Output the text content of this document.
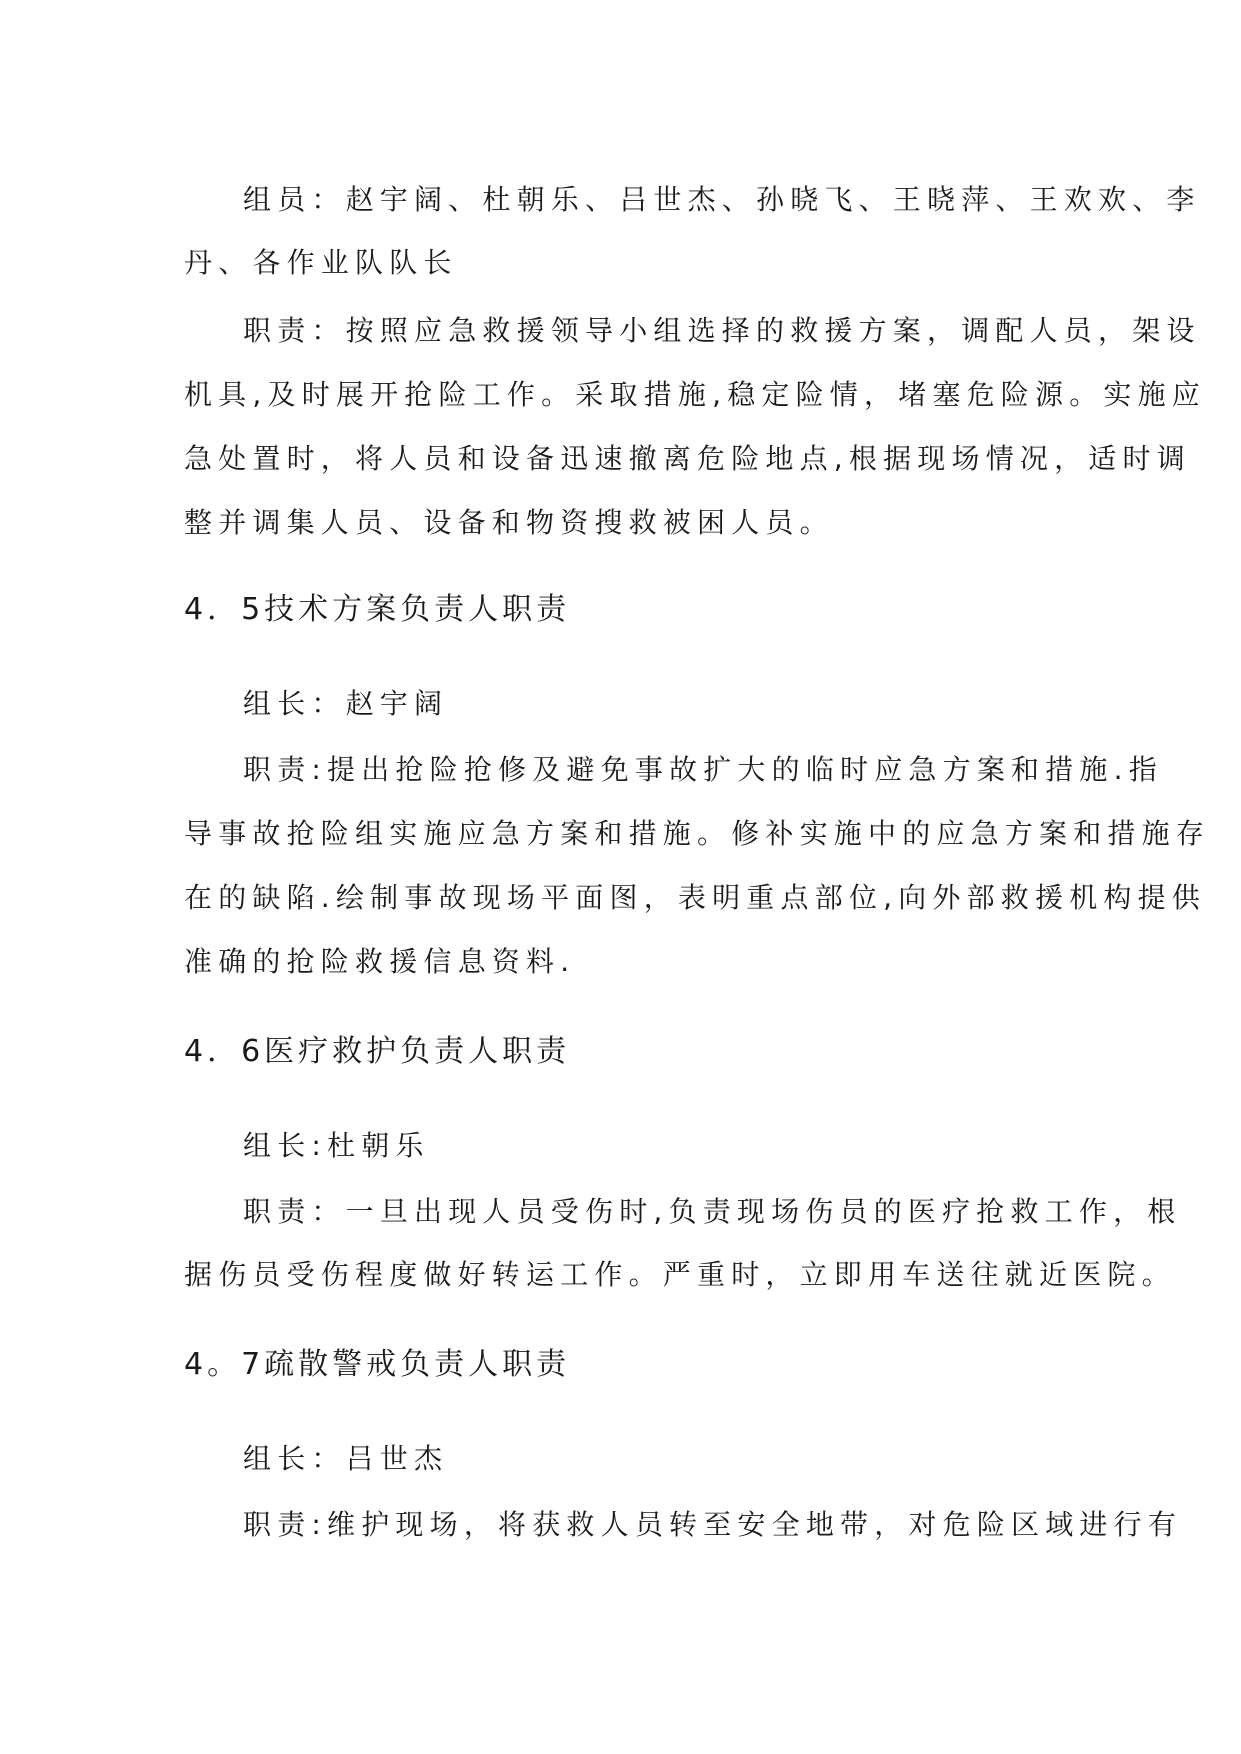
组员：赵宇阔、杜朝乐、吕世杰、孙晓飞、王晓萍、王欢欢、李
丹、各作业队队长
职责：按照应急救援领导小组选择的救援方案，调配人员，架设
机具,及时展开抢险工作。采取措施,稳定险情，堵塞危险源。实施应
急处置时，将人员和设备迅速撤离危险地点,根据现场情况，适时调
整并调集人员、设备和物资搜救被困人员。
4．5技术方案负责人职责
组长：赵宇阔
职责:提出抢险抢修及避免事故扩大的临时应急方案和措施.指
导事故抢险组实施应急方案和措施。修补实施中的应急方案和措施存
在的缺陷.绘制事故现场平面图，表明重点部位,向外部救援机构提供
准确的抢险救援信息资料.
4．6医疗救护负责人职责
组长:杜朝乐
职责：一旦出现人员受伤时,负责现场伤员的医疗抢救工作，根
据伤员受伤程度做好转运工作。严重时，立即用车送往就近医院。
4。7疏散警戒负责人职责
组长：吕世杰
职责:维护现场，将获救人员转至安全地带，对危险区域进行有
